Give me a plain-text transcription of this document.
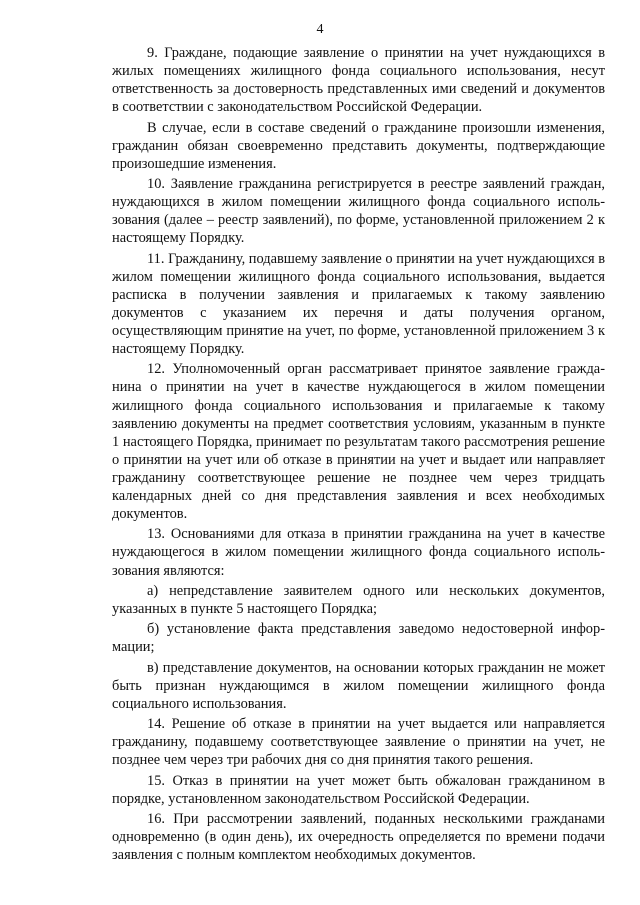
4

9. Граждане, подающие заявление о принятии на учет нуждающихся в жилых помещениях жилищного фонда социального использования, несут ответственность за достоверность представленных ими сведений и документов в соответствии с законодательством Российской Федерации.

В случае, если в составе сведений о гражданине произошли изменения, гражданин обязан своевременно представить документы, подтверждающие произошедшие изменения.

10. Заявление гражданина регистрируется в реестре заявлений граждан, нуждающихся в жилом помещении жилищного фонда социального использования (далее – реестр заявлений), по форме, установленной приложением 2 к настоящему Порядку.

11. Гражданину, подавшему заявление о принятии на учет нуждающихся в жилом помещении жилищного фонда социального использования, выдается расписка в получении заявления и прилагаемых к такому заявлению документов с указанием их перечня и даты получения органом, осуществляющим принятие на учет, по форме, установленной приложением 3 к настоящему Порядку.

12. Уполномоченный орган рассматривает принятое заявление гражданина о принятии на учет в качестве нуждающегося в жилом помещении жилищного фонда социального использования и прилагаемые к такому заявлению документы на предмет соответствия условиям, указанным в пункте 1 настоящего Порядка, принимает по результатам такого рассмотрения решение о принятии на учет или об отказе в принятии на учет и выдает или направляет гражданину соответствующее решение не позднее чем через тридцать календарных дней со дня представления заявления и всех необходимых документов.

13. Основаниями для отказа в принятии гражданина на учет в качестве нуждающегося в жилом помещении жилищного фонда социального использования являются:

а) непредставление заявителем одного или нескольких документов, указанных в пункте 5 настоящего Порядка;

б) установление факта представления заведомо недостоверной информации;

в) представление документов, на основании которых гражданин не может быть признан нуждающимся в жилом помещении жилищного фонда социального использования.

14. Решение об отказе в принятии на учет выдается или направляется гражданину, подавшему соответствующее заявление о принятии на учет, не позднее чем через три рабочих дня со дня принятия такого решения.

15. Отказ в принятии на учет может быть обжалован гражданином в порядке, установленном законодательством Российской Федерации.

16. При рассмотрении заявлений, поданных несколькими гражданами одновременно (в один день), их очередность определяется по времени подачи заявления с полным комплектом необходимых документов.
